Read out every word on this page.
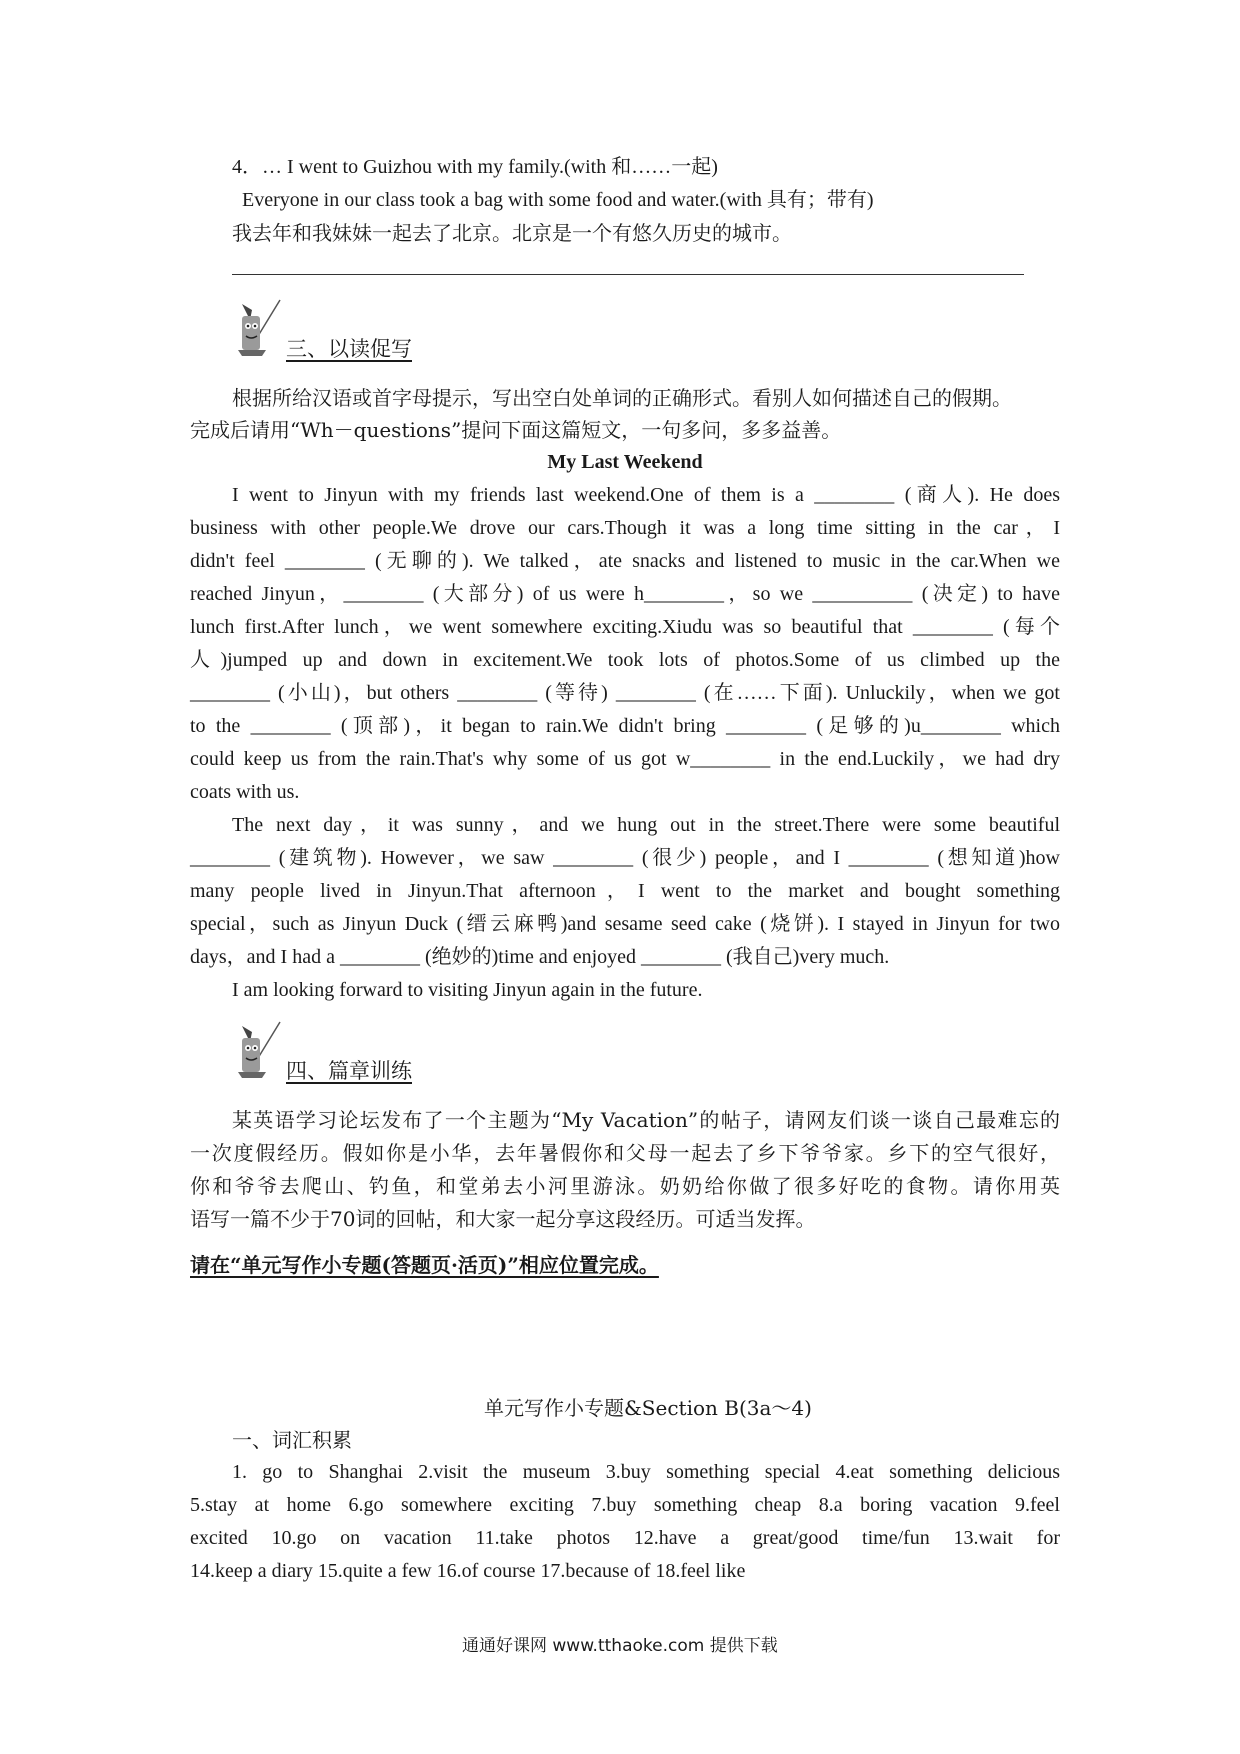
4．… I went to Guizhou with my family.(with 和……一起)
Everyone in our class took a bag with some food and water.(with 具有；带有)
我去年和我妹妹一起去了北京。北京是一个有悠久历史的城市。
三、以读促写
根据所给汉语或首字母提示，写出空白处单词的正确形式。看别人如何描述自己的假期。
完成后请用“Wh－questions”提问下面这篇短文，一句多问，多多益善。
My Last Weekend
I went to Jinyun with my friends last weekend.One of them is a ________ (商人). He does
business with other people.We drove our cars.Though it was a long time sitting in the car，I
didn't feel ________ (无聊的). We talked，ate snacks and listened to music in the car.When we
reached Jinyun，________ (大部分) of us were h________，so we __________ (决定) to have
lunch first.After lunch，we went somewhere exciting.Xiudu was so beautiful that ________ (每个
人)jumped up and down in excitement.We took lots of photos.Some of us climbed up the
________ (小山)，but others ________ (等待) ________ (在……下面). Unluckily，when we got
to the ________ (顶部)，it began to rain.We didn't bring ________ (足够的)u________ which
could keep us from the rain.That's why some of us got w________ in the end.Luckily，we had dry
coats with us.
The next day，it was sunny，and we hung out in the street.There were some beautiful
________ (建筑物). However，we saw ________ (很少) people，and I ________ (想知道)how
many people lived in Jinyun.That afternoon，I went to the market and bought something
special，such as Jinyun Duck (缙云麻鸭)and sesame seed cake (烧饼). I stayed in Jinyun for two
days，and I had a ________ (绝妙的)time and enjoyed ________ (我自己)very much.
I am looking forward to visiting Jinyun again in the future.
四、篇章训练
某英语学习论坛发布了一个主题为“My Vacation”的帖子，请网友们谈一谈自己最难忘的
一次度假经历。假如你是小华，去年暑假你和父母一起去了乡下爷爷家。乡下的空气很好，
你和爷爷去爬山、钓鱼，和堂弟去小河里游泳。奶奶给你做了很多好吃的食物。请你用英
语写一篇不少于70词的回帖，和大家一起分享这段经历。可适当发挥。
请在“单元写作小专题(答题页·活页)”相应位置完成。
单元写作小专题&Section B(3a～4)
一、词汇积累
1. go to Shanghai 2.visit the museum 3.buy something special 4.eat something delicious
5.stay at home 6.go somewhere exciting 7.buy something cheap 8.a boring vacation 9.feel
excited 10.go on vacation 11.take photos 12.have a great/good time/fun 13.wait for
14.keep a diary 15.quite a few 16.of course 17.because of 18.feel like
通通好课网 www.tthaoke.com 提供下载
